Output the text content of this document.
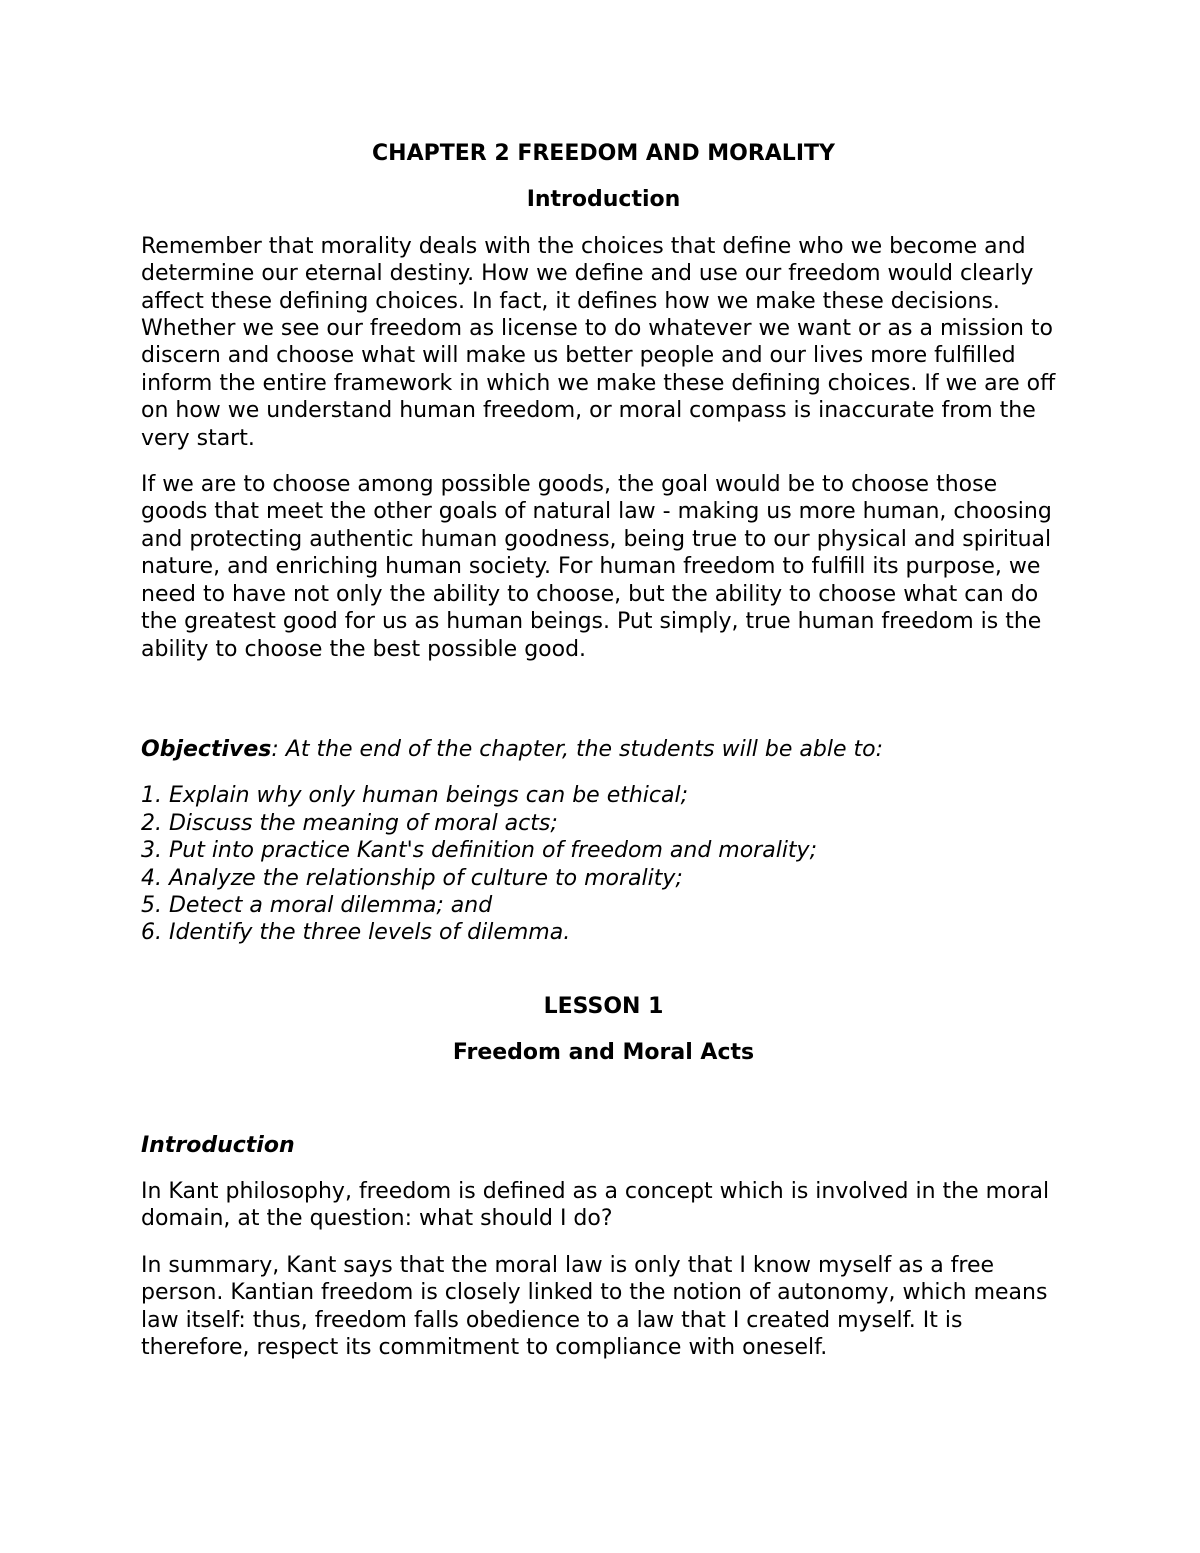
CHAPTER 2 FREEDOM AND MORALITY
Introduction

Remember that morality deals with the choices that define who we become and determine our eternal destiny. How we define and use our freedom would clearly affect these defining choices. In fact, it defines how we make these decisions. Whether we see our freedom as license to do whatever we want or as a mission to discern and choose what will make us better people and our lives more fulfilled inform the entire framework in which we make these defining choices. If we are off on how we understand human freedom, or moral compass is inaccurate from the very start.

If we are to choose among possible goods, the goal would be to choose those goods that meet the other goals of natural law - making us more human, choosing and protecting authentic human goodness, being true to our physical and spiritual nature, and enriching human society. For human freedom to fulfill its purpose, we need to have not only the ability to choose, but the ability to choose what can do the greatest good for us as human beings. Put simply, true human freedom is the ability to choose the best possible good.

Objectives: At the end of the chapter, the students will be able to:

1. Explain why only human beings can be ethical;
2. Discuss the meaning of moral acts;
3. Put into practice Kant's definition of freedom and morality;
4. Analyze the relationship of culture to morality;
5. Detect a moral dilemma; and
6. Identify the three levels of dilemma.
LESSON 1
Freedom and Moral Acts

Introduction

In Kant philosophy, freedom is defined as a concept which is involved in the moral domain, at the question: what should I do?

In summary, Kant says that the moral law is only that I know myself as a free person. Kantian freedom is closely linked to the notion of autonomy, which means law itself: thus, freedom falls obedience to a law that I created myself. It is therefore, respect its commitment to compliance with oneself.
